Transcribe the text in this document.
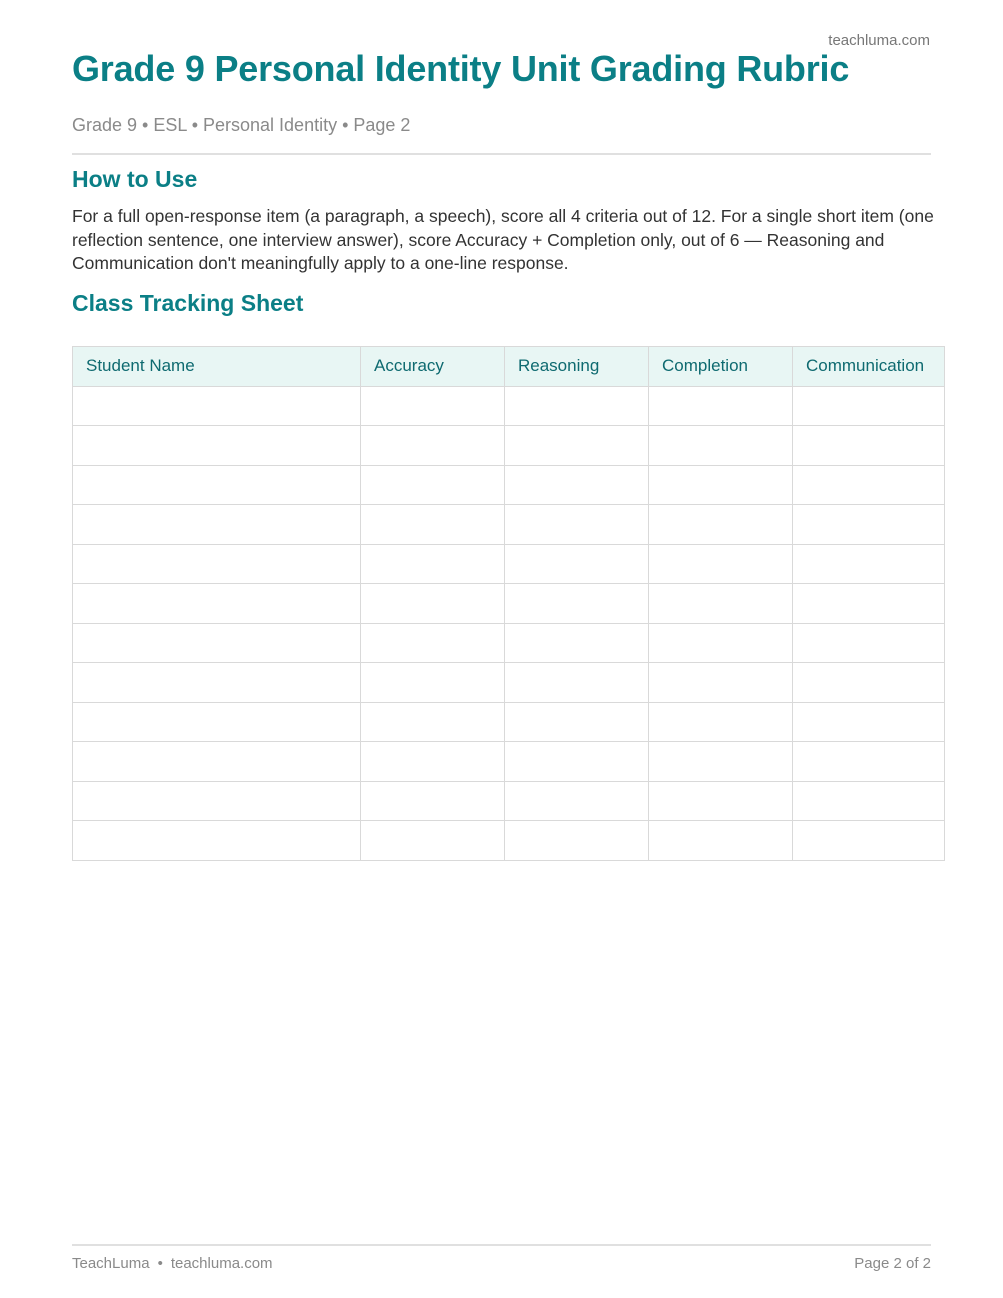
teachluma.com
Grade 9 Personal Identity Unit Grading Rubric
Grade 9 • ESL • Personal Identity • Page 2
How to Use

For a full open-response item (a paragraph, a speech), score all 4 criteria out of 12. For a single short item (one reflection sentence, one interview answer), score Accuracy + Completion only, out of 6 — Reasoning and Communication don't meaningfully apply to a one-line response.

Class Tracking Sheet
Student Name	Accuracy	Reasoning	Completion	Communication

TeachLuma • teachluma.com	Page 2 of 2
